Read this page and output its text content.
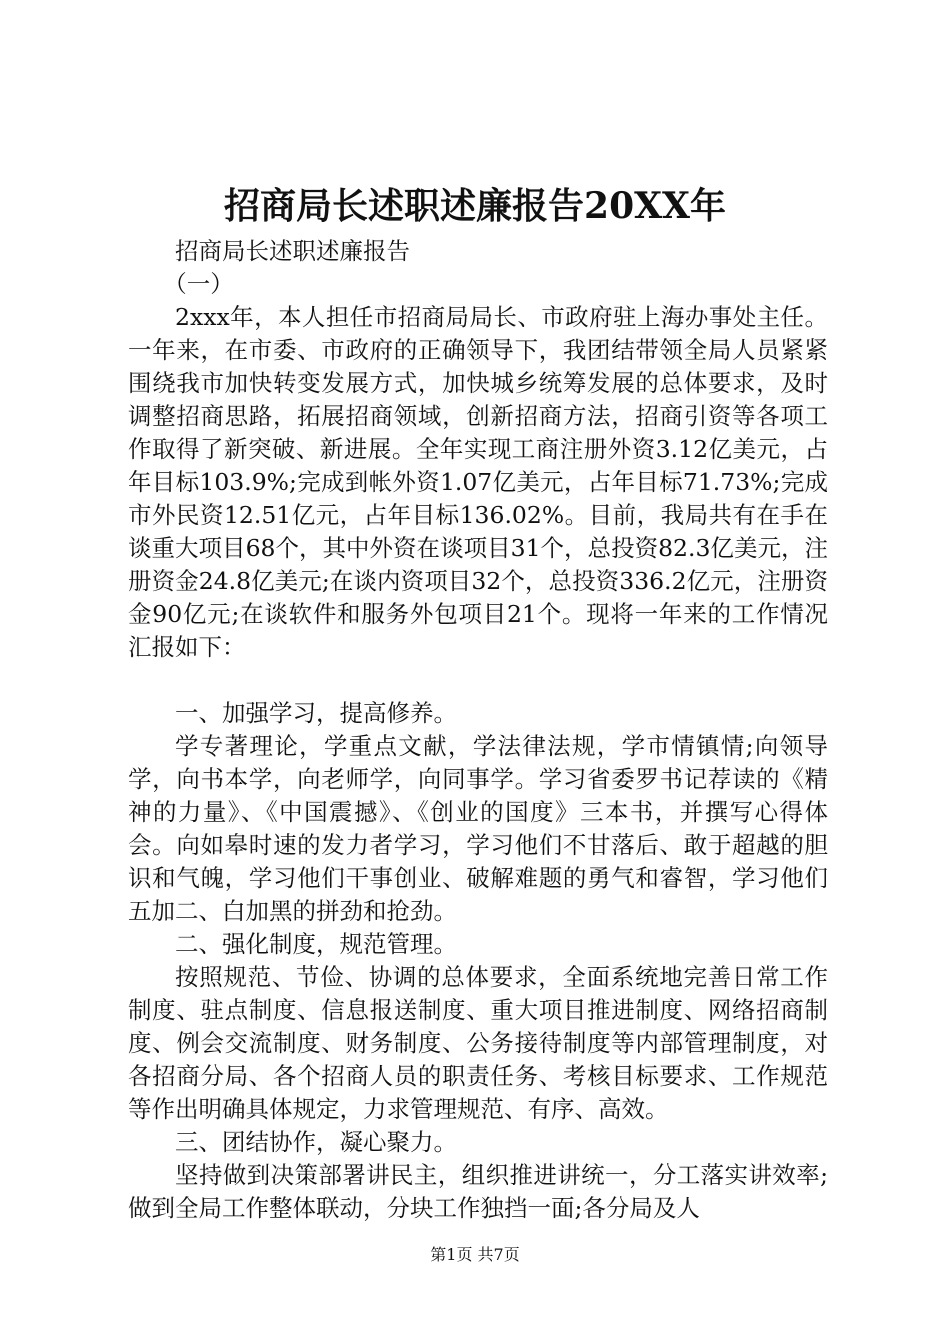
招商局长述职述廉报告20XX年

招商局长述职述廉报告

（一）

2xxx年，本人担任市招商局局长、市政府驻上海办事处主任。一年来，在市委、市政府的正确领导下，我团结带领全局人员紧紧围绕我市加快转变发展方式，加快城乡统筹发展的总体要求，及时调整招商思路，拓展招商领域，创新招商方法，招商引资等各项工作取得了新突破、新进展。全年实现工商注册外资3.12亿美元，占年目标103.9%;完成到帐外资1.07亿美元，占年目标71.73%;完成市外民资12.51亿元，占年目标136.02%。目前，我局共有在手在谈重大项目68个，其中外资在谈项目31个，总投资82.3亿美元，注册资金24.8亿美元;在谈内资项目32个，总投资336.2亿元，注册资金90亿元;在谈软件和服务外包项目21个。现将一年来的工作情况汇报如下：

一、加强学习，提高修养。

学专著理论，学重点文献，学法律法规，学市情镇情;向领导学，向书本学，向老师学，向同事学。学习省委罗书记荐读的《精神的力量》、《中国震撼》、《创业的国度》三本书，并撰写心得体会。向如皋时速的发力者学习，学习他们不甘落后、敢于超越的胆识和气魄，学习他们干事创业、破解难题的勇气和睿智，学习他们五加二、白加黑的拼劲和抢劲。

二、强化制度，规范管理。

按照规范、节俭、协调的总体要求，全面系统地完善日常工作制度、驻点制度、信息报送制度、重大项目推进制度、网络招商制度、例会交流制度、财务制度、公务接待制度等内部管理制度，对各招商分局、各个招商人员的职责任务、考核目标要求、工作规范等作出明确具体规定，力求管理规范、有序、高效。

三、团结协作，凝心聚力。

坚持做到决策部署讲民主，组织推进讲统一，分工落实讲效率;做到全局工作整体联动，分块工作独挡一面;各分局及人

第1页 共7页
